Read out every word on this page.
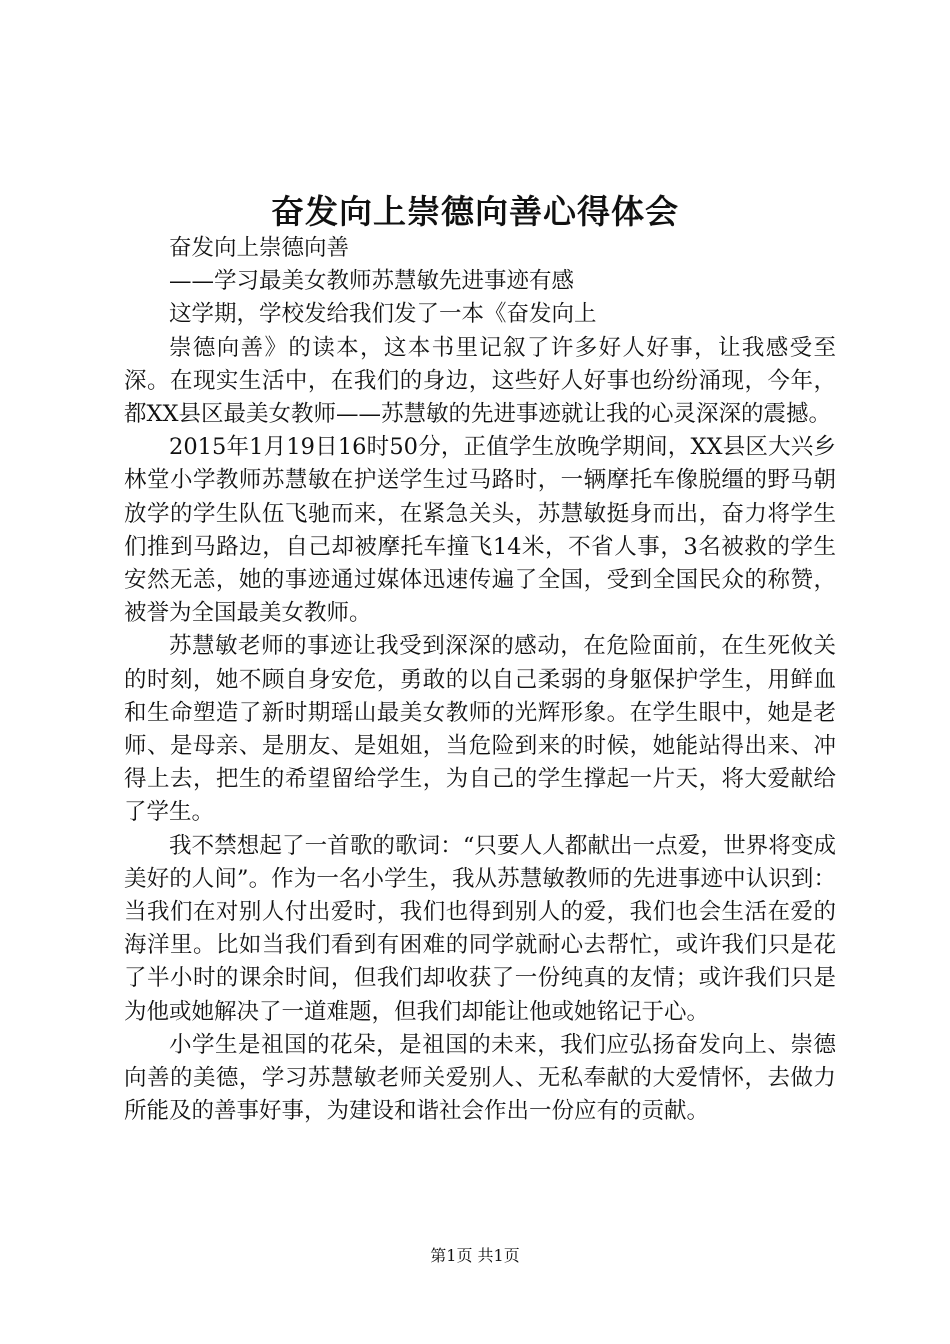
奋发向上崇德向善心得体会

奋发向上崇德向善

——学习最美女教师苏慧敏先进事迹有感

这学期，学校发给我们发了一本《奋发向上

崇德向善》的读本，这本书里记叙了许多好人好事，让我感受至深。在现实生活中，在我们的身边，这些好人好事也纷纷涌现，今年，都XX县区最美女教师——苏慧敏的先进事迹就让我的心灵深深的震撼。

2015年1月19日16时50分，正值学生放晚学期间，XX县区大兴乡林堂小学教师苏慧敏在护送学生过马路时，一辆摩托车像脱缰的野马朝放学的学生队伍飞驰而来，在紧急关头，苏慧敏挺身而出，奋力将学生们推到马路边，自己却被摩托车撞飞14米，不省人事，3名被救的学生安然无恙，她的事迹通过媒体迅速传遍了全国，受到全国民众的称赞，被誉为全国最美女教师。

苏慧敏老师的事迹让我受到深深的感动，在危险面前，在生死攸关的时刻，她不顾自身安危，勇敢的以自己柔弱的身躯保护学生，用鲜血和生命塑造了新时期瑶山最美女教师的光辉形象。在学生眼中，她是老师、是母亲、是朋友、是姐姐，当危险到来的时候，她能站得出来、冲得上去，把生的希望留给学生，为自己的学生撑起一片天，将大爱献给了学生。

我不禁想起了一首歌的歌词：“只要人人都献出一点爱，世界将变成美好的人间”。作为一名小学生，我从苏慧敏教师的先进事迹中认识到：当我们在对别人付出爱时，我们也得到别人的爱，我们也会生活在爱的海洋里。比如当我们看到有困难的同学就耐心去帮忙，或许我们只是花了半小时的课余时间，但我们却收获了一份纯真的友情；或许我们只是为他或她解决了一道难题，但我们却能让他或她铭记于心。

小学生是祖国的花朵，是祖国的未来，我们应弘扬奋发向上、崇德向善的美德，学习苏慧敏老师关爱别人、无私奉献的大爱情怀，去做力所能及的善事好事，为建设和谐社会作出一份应有的贡献。

第1页 共1页
